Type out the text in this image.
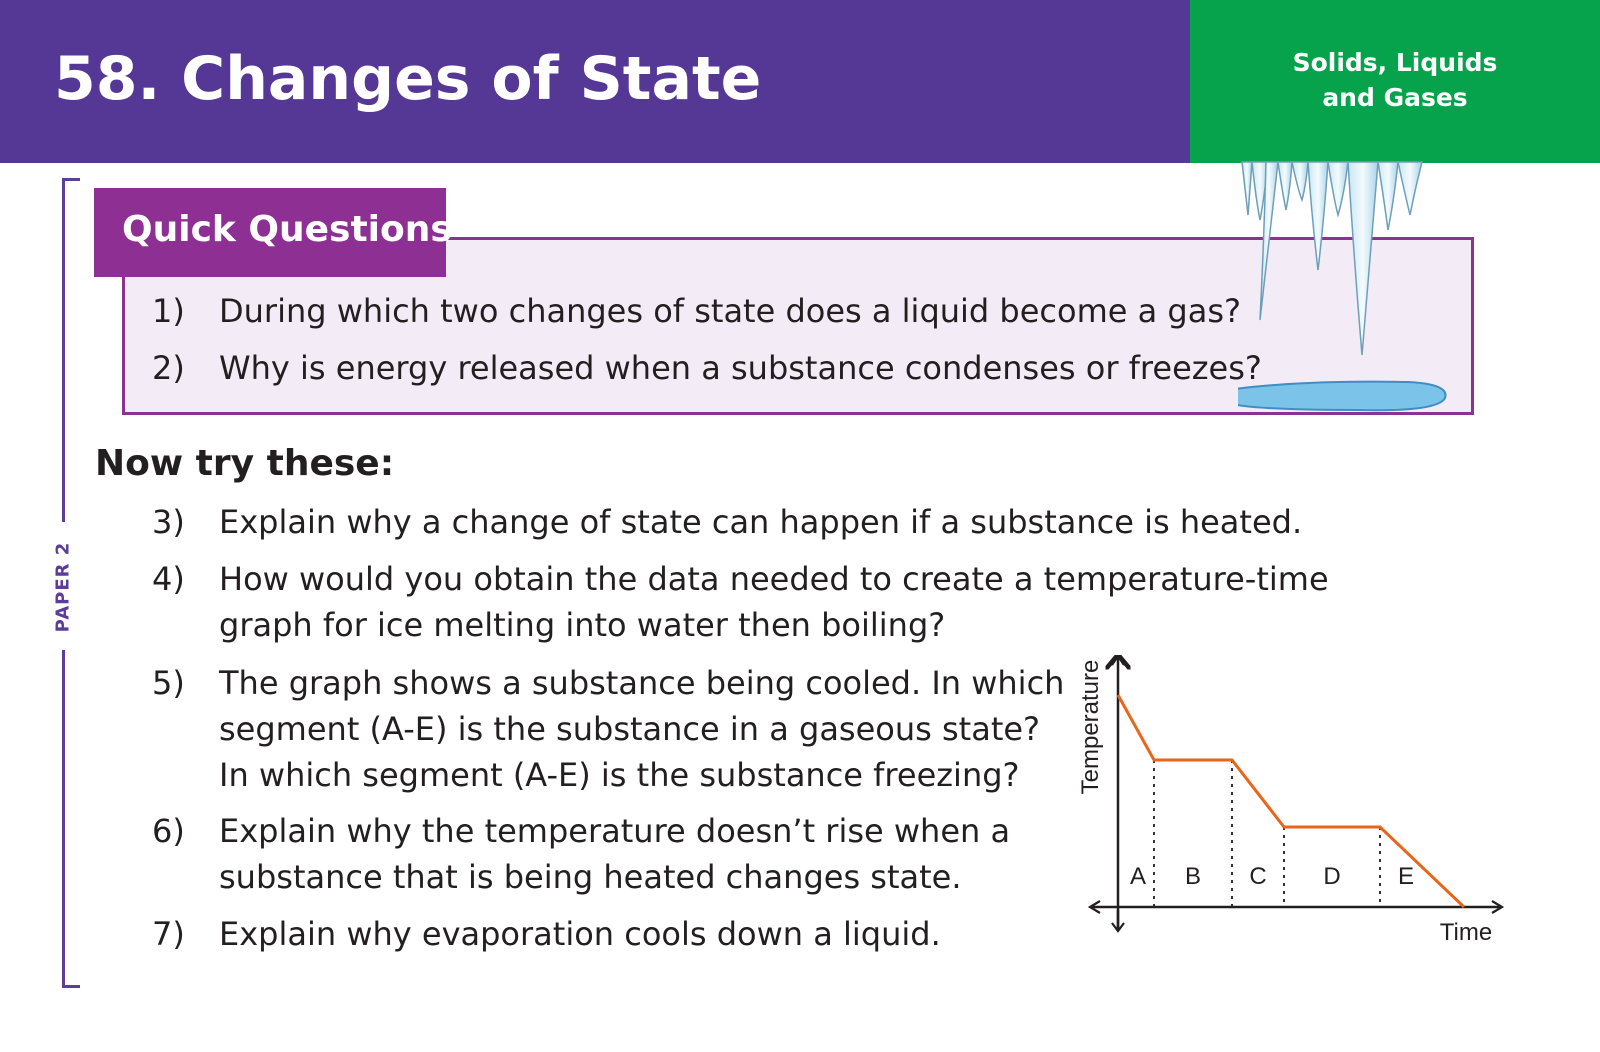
58. Changes of State	Solids, Liquids
and Gases
PAPER 2
Quick Questions
1) During which two changes of state does a liquid become a gas?
2) Why is energy released when a substance condenses or freezes?
Now try these:
3) Explain why a change of state can happen if a substance is heated.
4) How would you obtain the data needed to create a temperature-time
graph for ice melting into water then boiling?
5) The graph shows a substance being cooled. In which
segment (A-E) is the substance in a gaseous state?
In which segment (A-E) is the substance freezing?
6) Explain why the temperature doesn’t rise when a
substance that is being heated changes state.
7) Explain why evaporation cools down a liquid.
A B C D E
Temperature
Time
